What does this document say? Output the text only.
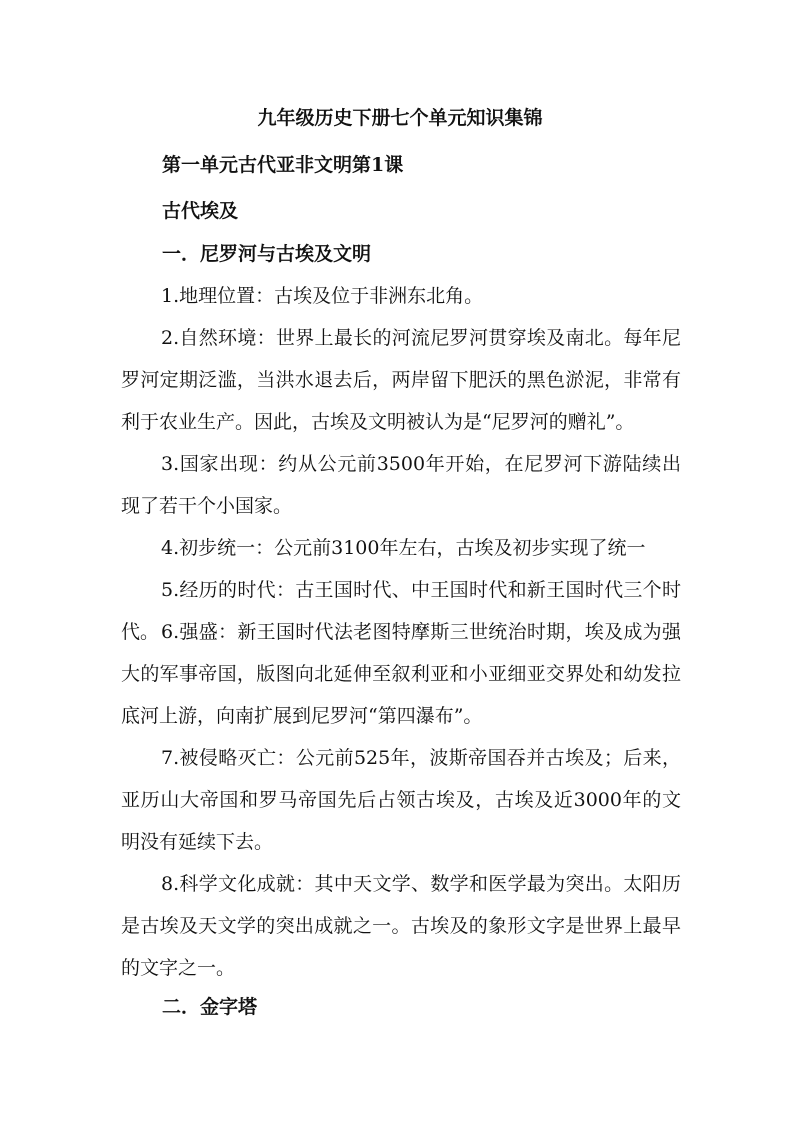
九年级历史下册七个单元知识集锦
第一单元古代亚非文明第1课
古代埃及
一．尼罗河与古埃及文明

1.地理位置：古埃及位于非洲东北角。

2.自然环境：世界上最长的河流尼罗河贯穿埃及南北。每年尼罗河定期泛滥，当洪水退去后，两岸留下肥沃的黑色淤泥，非常有利于农业生产。因此，古埃及文明被认为是“尼罗河的赠礼”。

3.国家出现：约从公元前3500年开始，在尼罗河下游陆续出现了若干个小国家。

4.初步统一：公元前3100年左右，古埃及初步实现了统一

5.经历的时代：古王国时代、中王国时代和新王国时代三个时代。 6.强盛：新王国时代法老图特摩斯三世统治时期，埃及成为强大的军事帝国，版图向北延伸至叙利亚和小亚细亚交界处和幼发拉底河上游，向南扩展到尼罗河“第四瀑布”。

7.被侵略灭亡：公元前525年，波斯帝国吞并古埃及；后来，亚历山大帝国和罗马帝国先后占领古埃及，古埃及近3000年的文明没有延续下去。

8.科学文化成就：其中天文学、数学和医学最为突出。太阳历是古埃及天文学的突出成就之一。古埃及的象形文字是世界上最早的文字之一。

二．金字塔
